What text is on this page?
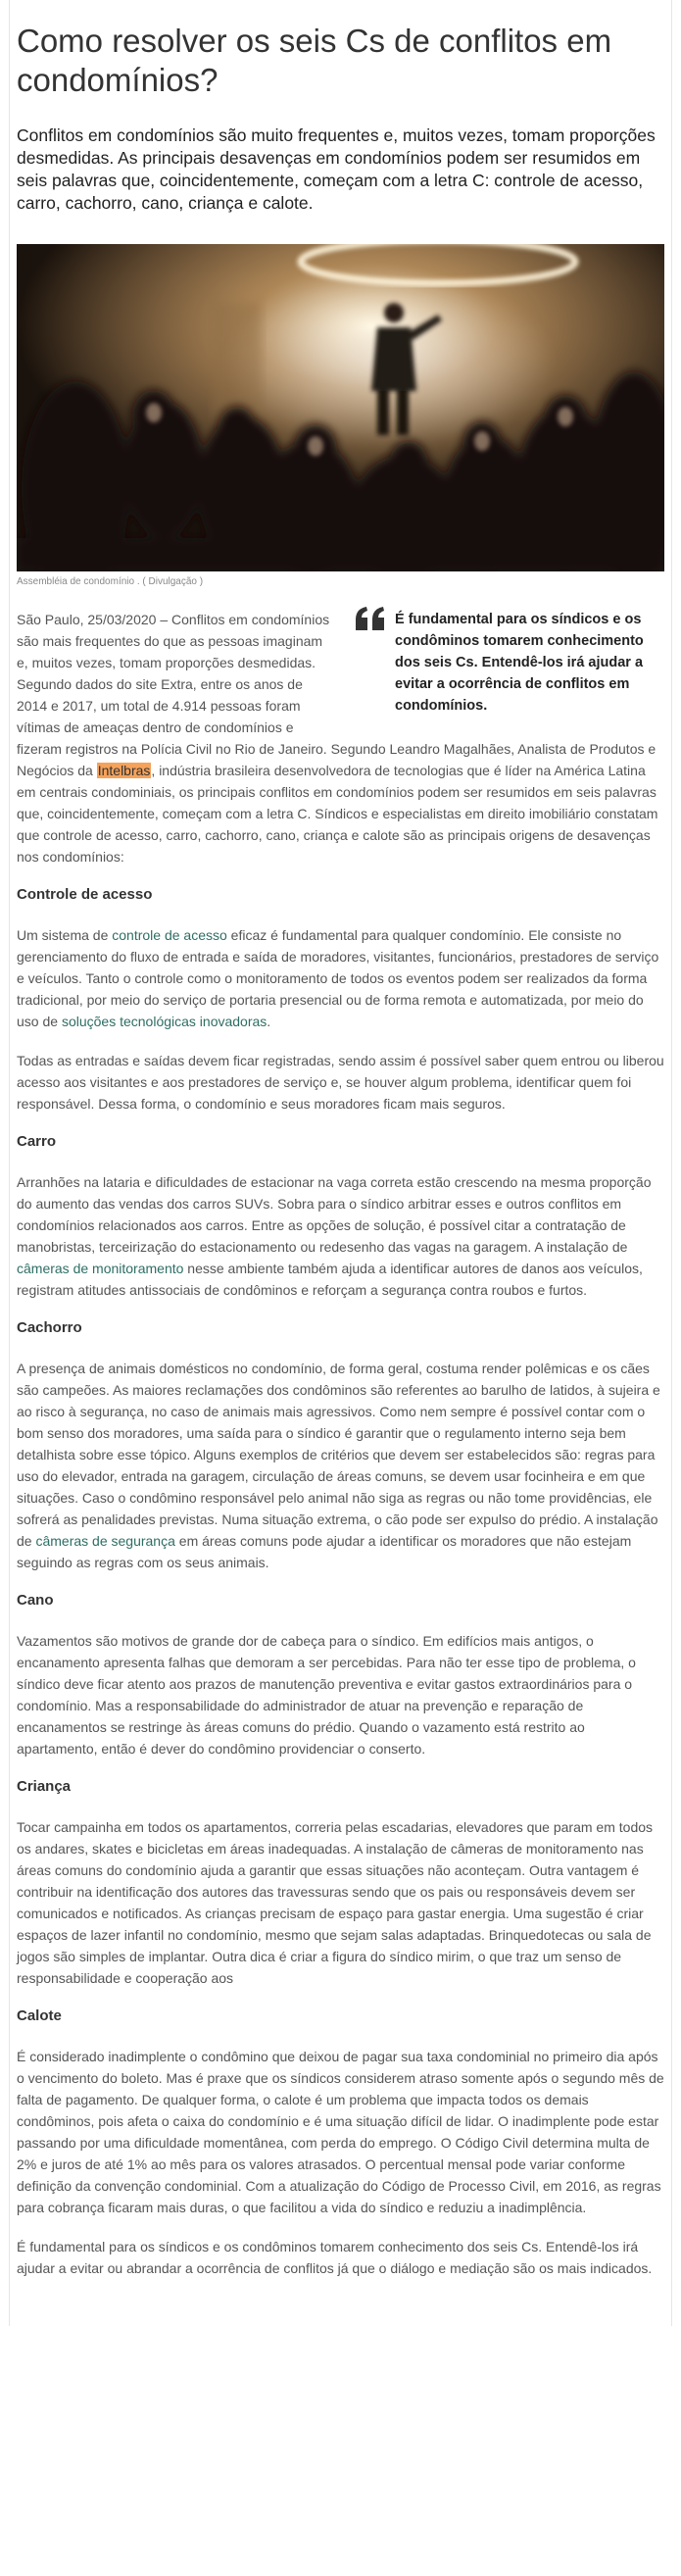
Como resolver os seis Cs de conflitos em condomínios?

Conflitos em condomínios são muito frequentes e, muitos vezes, tomam proporções desmedidas. As principais desavenças em condomínios podem ser resumidos em seis palavras que, coincidentemente, começam com a letra C: controle de acesso, carro, cachorro, cano, criança e calote.

Assembléia de condomínio . ( Divulgação )
É fundamental para os síndicos e os condôminos tomarem conhecimento dos seis Cs. Entendê-los irá ajudar a evitar a ocorrência de conflitos em condomínios.

São Paulo, 25/03/2020 – Conflitos em condomínios são mais frequentes do que as pessoas imaginam e, muitos vezes, tomam proporções desmedidas. Segundo dados do site Extra, entre os anos de 2014 e 2017, um total de 4.914 pessoas foram vítimas de ameaças dentro de condomínios e fizeram registros na Polícia Civil no Rio de Janeiro. Segundo Leandro Magalhães, Analista de Produtos e Negócios da Intelbras, indústria brasileira desenvolvedora de tecnologias que é líder na América Latina em centrais condominiais, os principais conflitos em condomínios podem ser resumidos em seis palavras que, coincidentemente, começam com a letra C. Síndicos e especialistas em direito imobiliário constatam que controle de acesso, carro, cachorro, cano, criança e calote são as principais origens de desavenças nos condomínios:

Controle de acesso

Um sistema de controle de acesso eficaz é fundamental para qualquer condomínio. Ele consiste no gerenciamento do fluxo de entrada e saída de moradores, visitantes, funcionários, prestadores de serviço e veículos. Tanto o controle como o monitoramento de todos os eventos podem ser realizados da forma tradicional, por meio do serviço de portaria presencial ou de forma remota e automatizada, por meio do uso de soluções tecnológicas inovadoras.

Todas as entradas e saídas devem ficar registradas, sendo assim é possível saber quem entrou ou liberou acesso aos visitantes e aos prestadores de serviço e, se houver algum problema, identificar quem foi responsável. Dessa forma, o condomínio e seus moradores ficam mais seguros.

Carro

Arranhões na lataria e dificuldades de estacionar na vaga correta estão crescendo na mesma proporção do aumento das vendas dos carros SUVs. Sobra para o síndico arbitrar esses e outros conflitos em condomínios relacionados aos carros. Entre as opções de solução, é possível citar a contratação de manobristas, terceirização do estacionamento ou redesenho das vagas na garagem. A instalação de câmeras de monitoramento nesse ambiente também ajuda a identificar autores de danos aos veículos, registram atitudes antissociais de condôminos e reforçam a segurança contra roubos e furtos.

Cachorro

A presença de animais domésticos no condomínio, de forma geral, costuma render polêmicas e os cães são campeões. As maiores reclamações dos condôminos são referentes ao barulho de latidos, à sujeira e ao risco à segurança, no caso de animais mais agressivos. Como nem sempre é possível contar com o bom senso dos moradores, uma saída para o síndico é garantir que o regulamento interno seja bem detalhista sobre esse tópico. Alguns exemplos de critérios que devem ser estabelecidos são: regras para uso do elevador, entrada na garagem, circulação de áreas comuns, se devem usar focinheira e em que situações. Caso o condômino responsável pelo animal não siga as regras ou não tome providências, ele sofrerá as penalidades previstas. Numa situação extrema, o cão pode ser expulso do prédio. A instalação de câmeras de segurança em áreas comuns pode ajudar a identificar os moradores que não estejam seguindo as regras com os seus animais.

Cano

Vazamentos são motivos de grande dor de cabeça para o síndico. Em edifícios mais antigos, o encanamento apresenta falhas que demoram a ser percebidas. Para não ter esse tipo de problema, o síndico deve ficar atento aos prazos de manutenção preventiva e evitar gastos extraordinários para o condomínio. Mas a responsabilidade do administrador de atuar na prevenção e reparação de encanamentos se restringe às áreas comuns do prédio. Quando o vazamento está restrito ao apartamento, então é dever do condômino providenciar o conserto.

Criança

Tocar campainha em todos os apartamentos, correria pelas escadarias, elevadores que param em todos os andares, skates e bicicletas em áreas inadequadas. A instalação de câmeras de monitoramento nas áreas comuns do condomínio ajuda a garantir que essas situações não aconteçam. Outra vantagem é contribuir na identificação dos autores das travessuras sendo que os pais ou responsáveis devem ser comunicados e notificados. As crianças precisam de espaço para gastar energia. Uma sugestão é criar espaços de lazer infantil no condomínio, mesmo que sejam salas adaptadas. Brinquedotecas ou sala de jogos são simples de implantar. Outra dica é criar a figura do síndico mirim, o que traz um senso de responsabilidade e cooperação aos

Calote

É considerado inadimplente o condômino que deixou de pagar sua taxa condominial no primeiro dia após o vencimento do boleto. Mas é praxe que os síndicos considerem atraso somente após o segundo mês de falta de pagamento. De qualquer forma, o calote é um problema que impacta todos os demais condôminos, pois afeta o caixa do condomínio e é uma situação difícil de lidar. O inadimplente pode estar passando por uma dificuldade momentânea, com perda do emprego. O Código Civil determina multa de 2% e juros de até 1% ao mês para os valores atrasados. O percentual mensal pode variar conforme definição da convenção condominial. Com a atualização do Código de Processo Civil, em 2016, as regras para cobrança ficaram mais duras, o que facilitou a vida do síndico e reduziu a inadimplência.

É fundamental para os síndicos e os condôminos tomarem conhecimento dos seis Cs. Entendê-los irá ajudar a evitar ou abrandar a ocorrência de conflitos já que o diálogo e mediação são os mais indicados.
